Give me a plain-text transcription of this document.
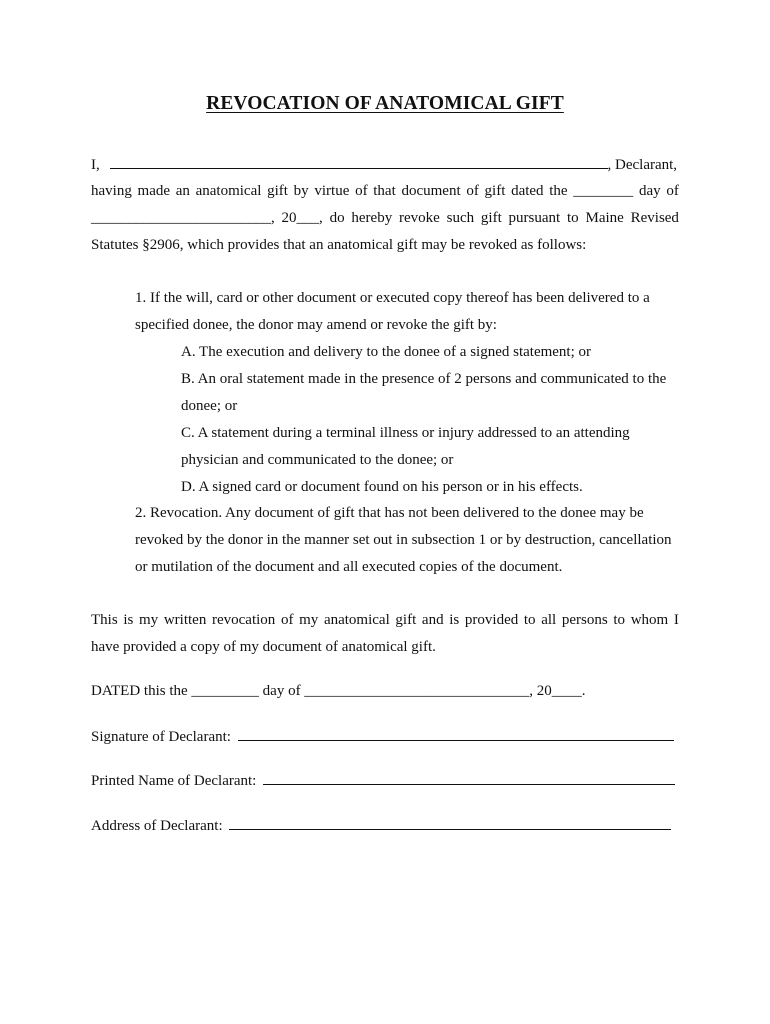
REVOCATION OF ANATOMICAL GIFT
I,	, Declarant,
having made an anatomical gift by virtue of that document of gift dated the ________ day of
________________________, 20___, do hereby revoke such gift pursuant to Maine Revised
Statutes §2906, which provides that an anatomical gift may be revoked as follows:
1. If the will, card or other document or executed copy thereof has been delivered to a
specified donee, the donor may amend or revoke the gift by:
A. The execution and delivery to the donee of a signed statement; or
B. An oral statement made in the presence of 2 persons and communicated to the
donee; or
C. A statement during a terminal illness or injury addressed to an attending
physician and communicated to the donee; or
D. A signed card or document found on his person or in his effects.
2. Revocation. Any document of gift that has not been delivered to the donee may be
revoked by the donor in the manner set out in subsection 1 or by destruction, cancellation
or mutilation of the document and all executed copies of the document.
This is my written revocation of my anatomical gift and is provided to all persons to whom I
have provided a copy of my document of anatomical gift.
DATED this the _________ day of ______________________________, 20____.
Signature of Declarant:
Printed Name of Declarant:
Address of Declarant:
